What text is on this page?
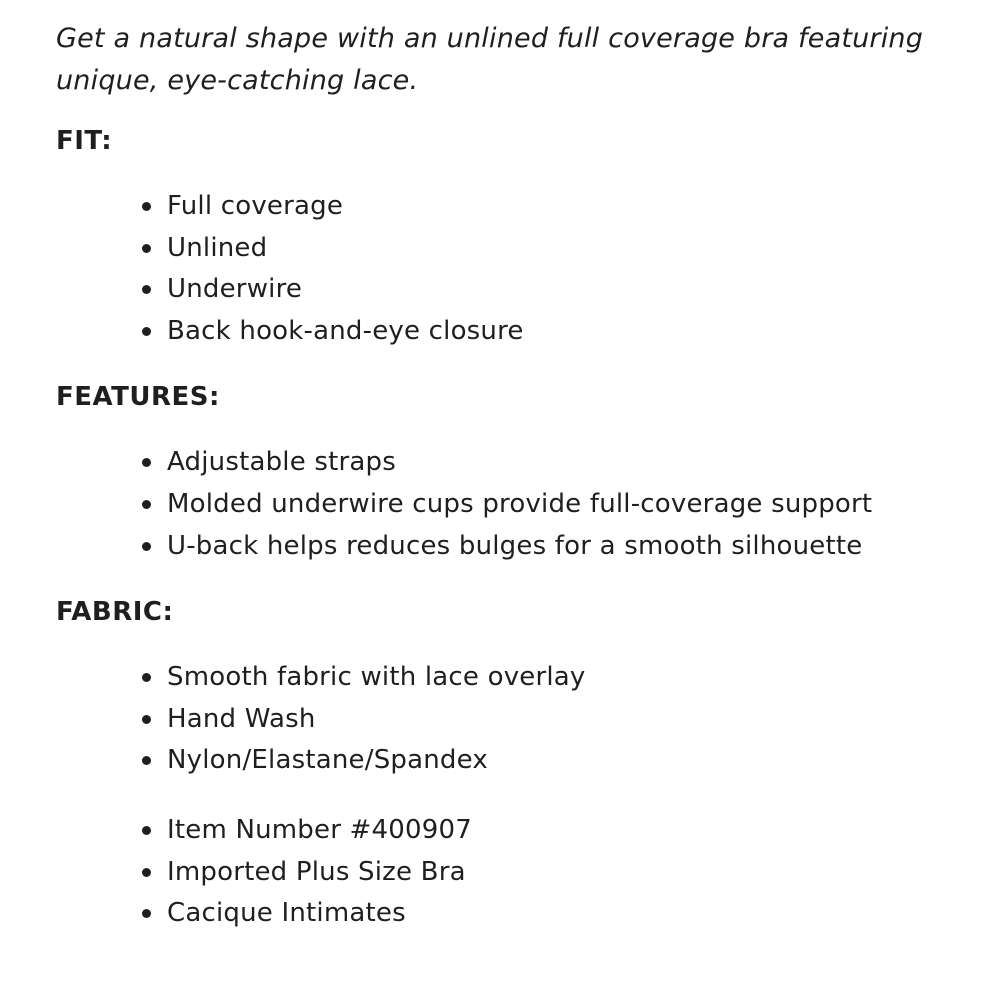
Get a natural shape with an unlined full coverage bra featuring unique, eye-catching lace.

FIT:
Full coverage
Unlined
Underwire
Back hook-and-eye closure
FEATURES:
Adjustable straps
Molded underwire cups provide full-coverage support
U-back helps reduces bulges for a smooth silhouette
FABRIC:
Smooth fabric with lace overlay
Hand Wash
Nylon/Elastane/Spandex
Item Number #400907
Imported Plus Size Bra
Cacique Intimates
